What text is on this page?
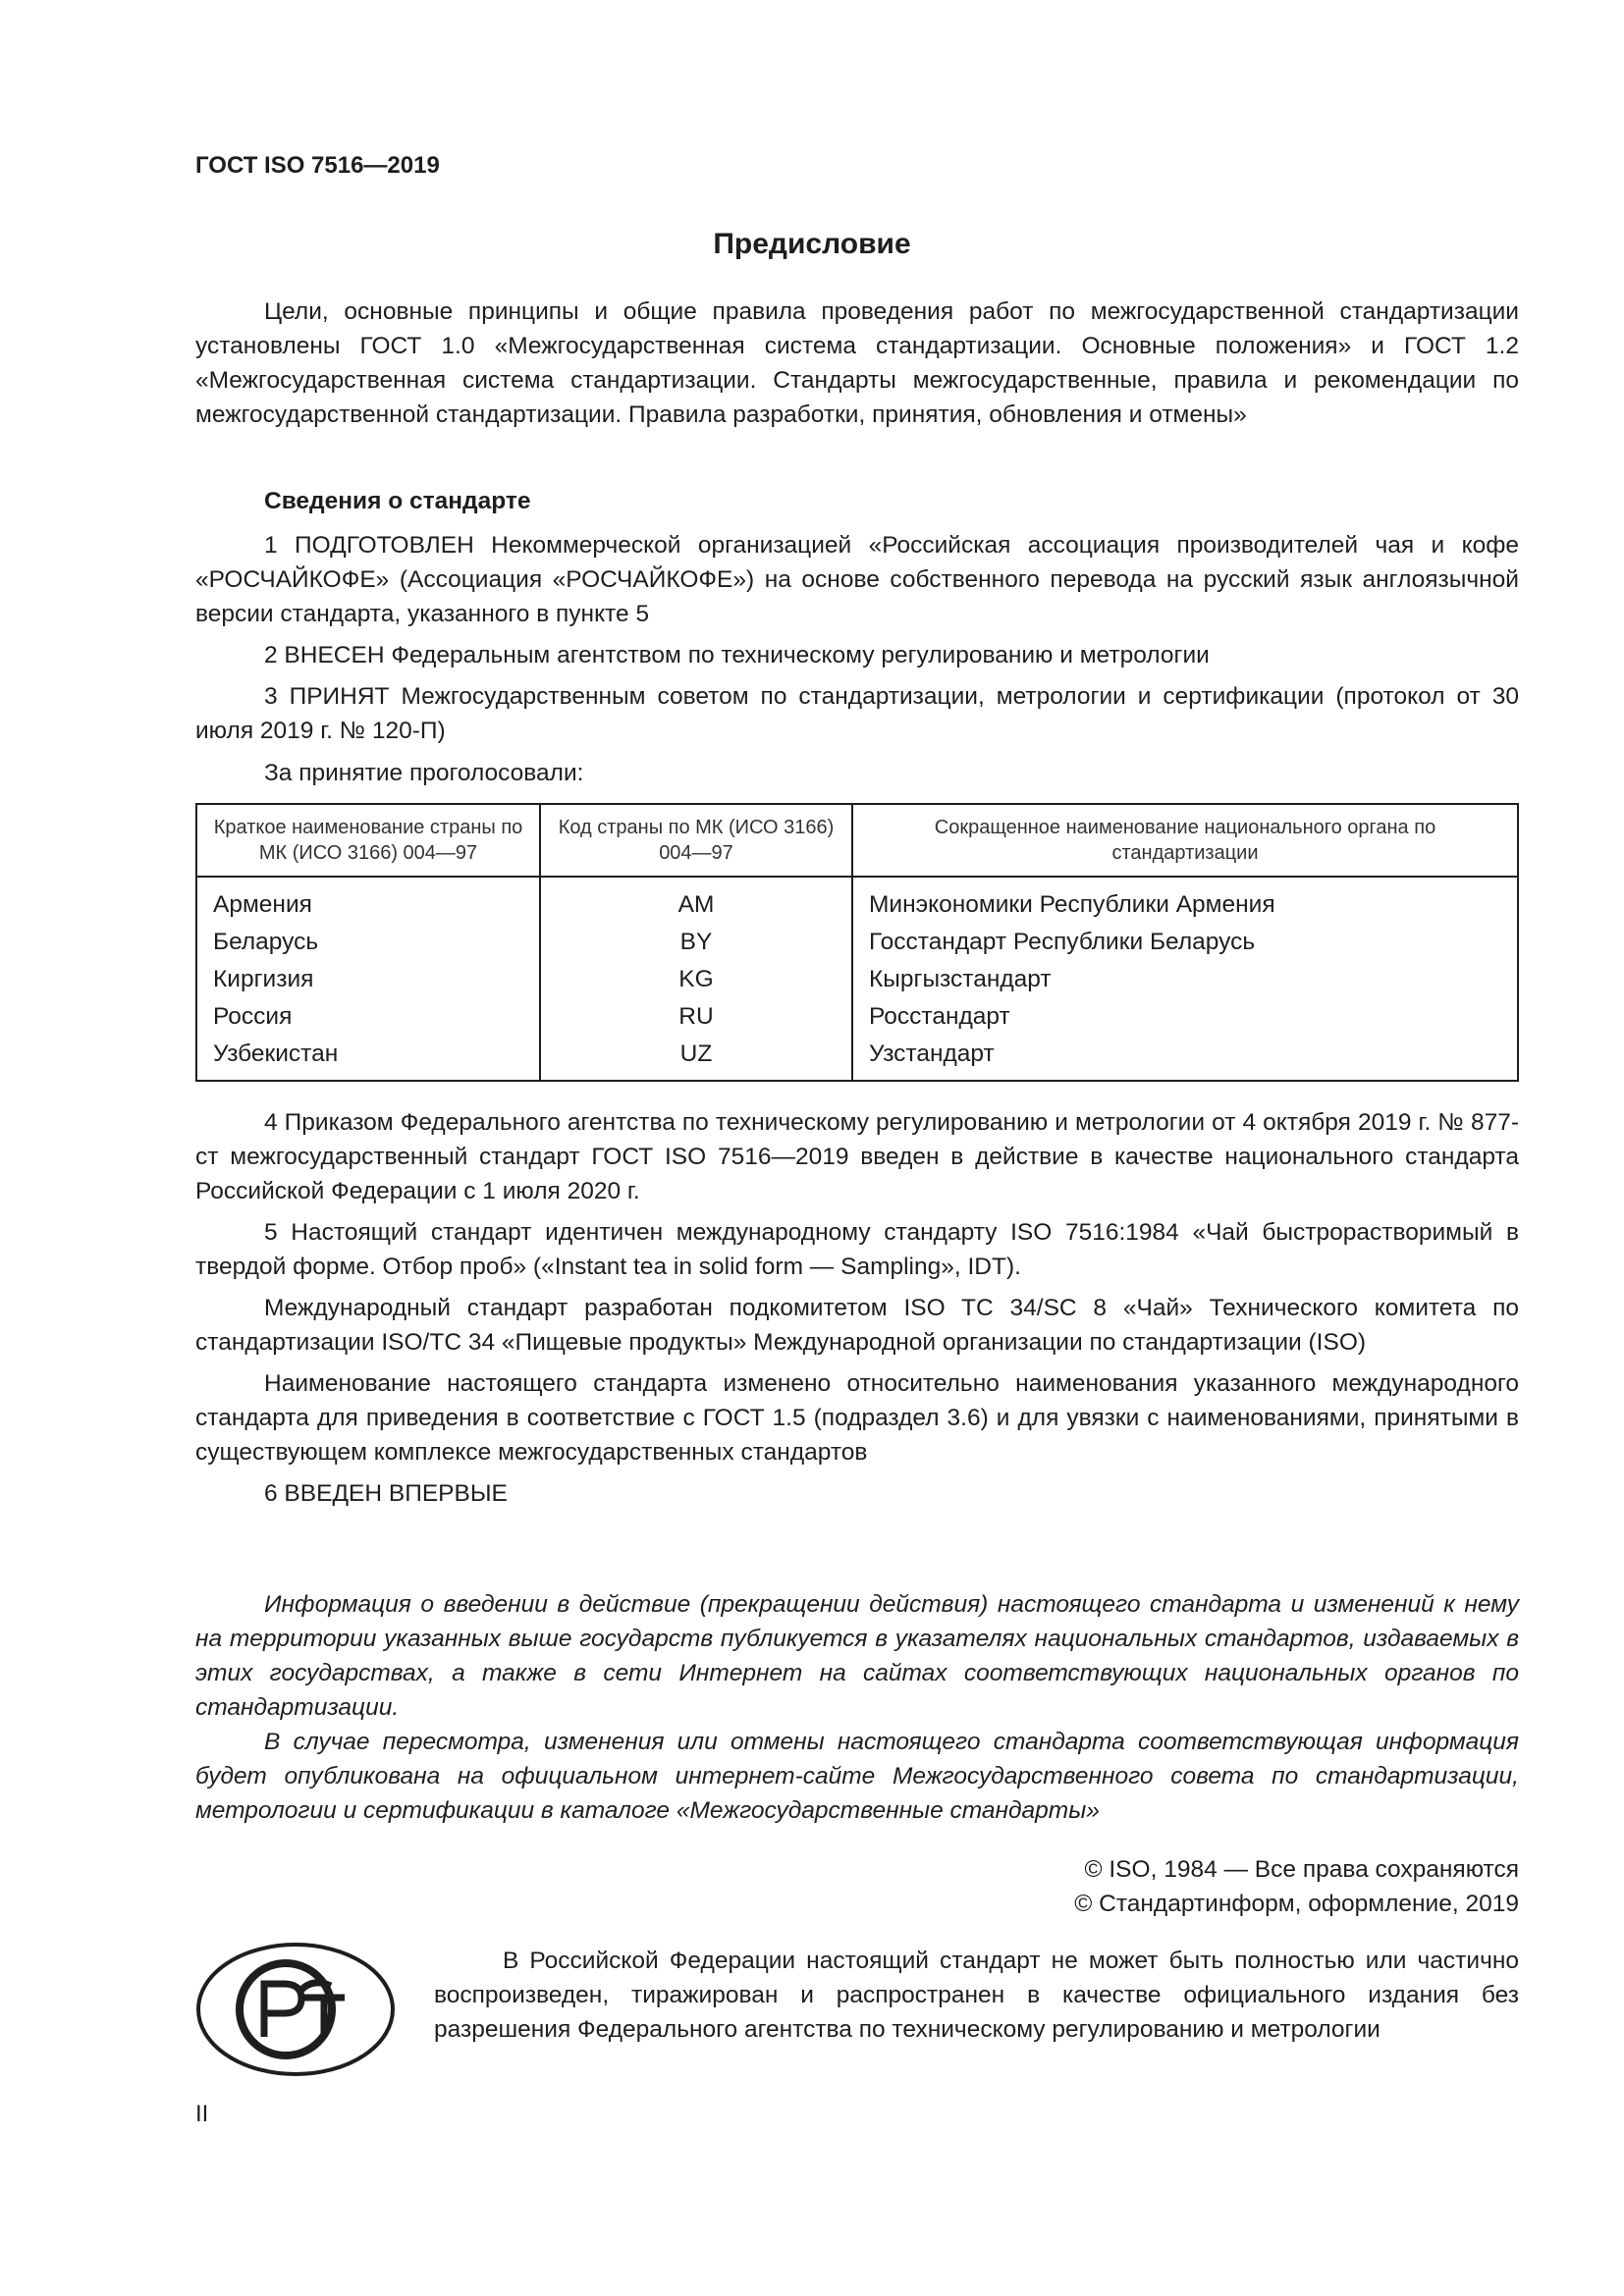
ГОСТ ISO 7516—2019
Предисловие

Цели, основные принципы и общие правила проведения работ по межгосударственной стандартизации установлены ГОСТ 1.0 «Межгосударственная система стандартизации. Основные положения» и ГОСТ 1.2 «Межгосударственная система стандартизации. Стандарты межгосударственные, правила и рекомендации по межгосударственной стандартизации. Правила разработки, принятия, обновления и отмены»

Сведения о стандарте

1 ПОДГОТОВЛЕН Некоммерческой организацией «Российская ассоциация производителей чая и кофе «РОСЧАЙКОФЕ» (Ассоциация «РОСЧАЙКОФЕ») на основе собственного перевода на русский язык англоязычной версии стандарта, указанного в пункте 5

2 ВНЕСЕН Федеральным агентством по техническому регулированию и метрологии

3 ПРИНЯТ Межгосударственным советом по стандартизации, метрологии и сертификации (протокол от 30 июля 2019 г. № 120-П)

За принятие проголосовали:
Краткое наименование страны по МК (ИСО 3166) 004—97	Код страны по МК (ИСО 3166) 004—97	Сокращенное наименование национального органа по стандартизации
Армения	AM	Минэкономики Республики Армения
Беларусь	BY	Госстандарт Республики Беларусь
Киргизия	KG	Кыргызстандарт
Россия	RU	Росстандарт
Узбекистан	UZ	Узстандарт

4 Приказом Федерального агентства по техническому регулированию и метрологии от 4 октября 2019 г. № 877-ст межгосударственный стандарт ГОСТ ISO 7516—2019 введен в действие в качестве национального стандарта Российской Федерации с 1 июля 2020 г.

5 Настоящий стандарт идентичен международному стандарту ISO 7516:1984 «Чай быстрорастворимый в твердой форме. Отбор проб» («Instant tea in solid form — Sampling», IDT).

Международный стандарт разработан подкомитетом ISO TC 34/SC 8 «Чай» Технического комитета по стандартизации ISO/TC 34 «Пищевые продукты» Международной организации по стандартизации (ISO)

Наименование настоящего стандарта изменено относительно наименования указанного международного стандарта для приведения в соответствие с ГОСТ 1.5 (подраздел 3.6) и для увязки с наименованиями, принятыми в существующем комплексе межгосударственных стандартов

6 ВВЕДЕН ВПЕРВЫЕ

Информация о введении в действие (прекращении действия) настоящего стандарта и изменений к нему на территории указанных выше государств публикуется в указателях национальных стандартов, издаваемых в этих государствах, а также в сети Интернет на сайтах соответствующих национальных органов по стандартизации.

В случае пересмотра, изменения или отмены настоящего стандарта соответствующая информация будет опубликована на официальном интернет-сайте Межгосударственного совета по стандартизации, метрологии и сертификации в каталоге «Межгосударственные стандарты»

© ISO, 1984 — Все права сохраняются
© Стандартинформ, оформление, 2019

В Российской Федерации настоящий стандарт не может быть полностью или частично воспроизведен, тиражирован и распространен в качестве официального издания без разрешения Федерального агентства по техническому регулированию и метрологии

II
